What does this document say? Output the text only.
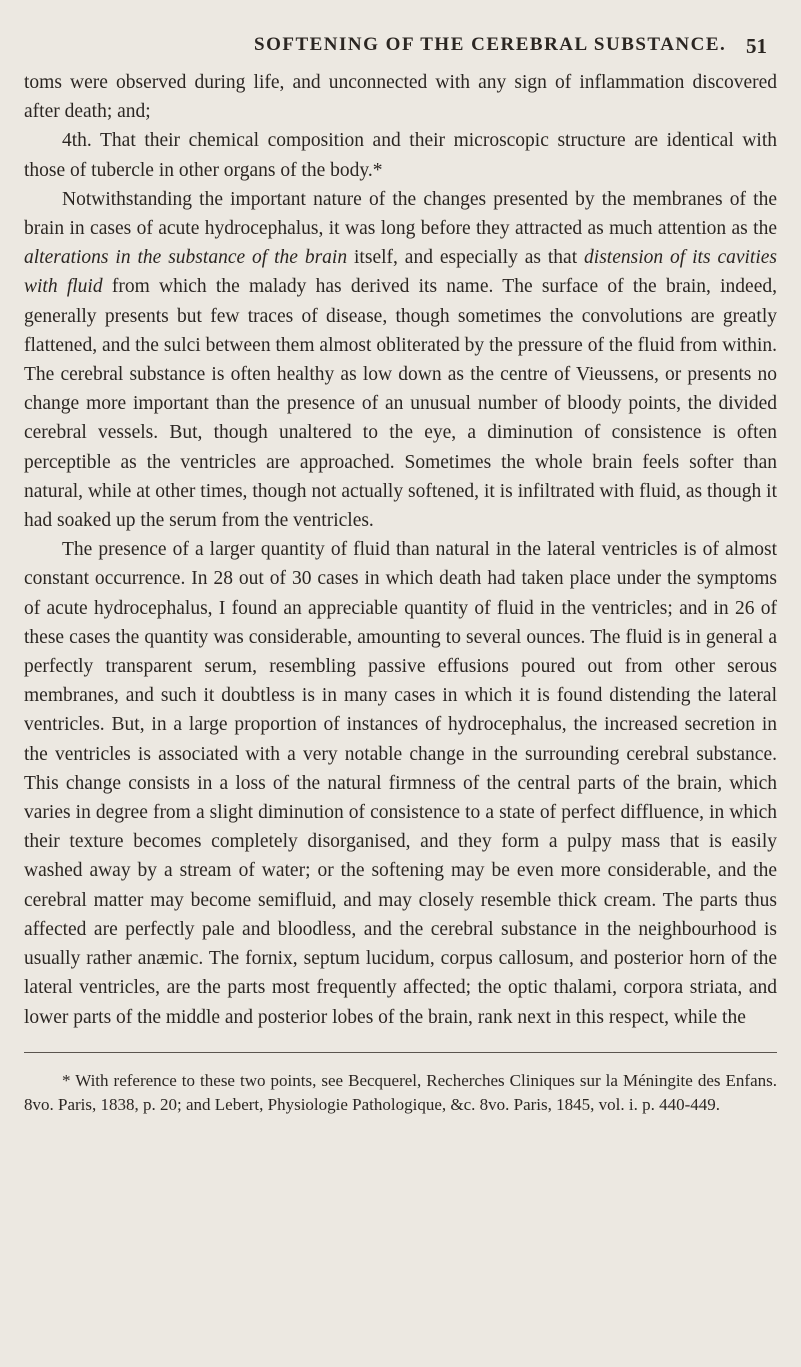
SOFTENING OF THE CEREBRAL SUBSTANCE. 51

toms were observed during life, and unconnected with any sign of inflammation discovered after death; and;

4th. That their chemical composition and their microscopic structure are identical with those of tubercle in other organs of the body.*

Notwithstanding the important nature of the changes presented by the membranes of the brain in cases of acute hydrocephalus, it was long before they attracted as much attention as the alterations in the substance of the brain itself, and especially as that distension of its cavities with fluid from which the malady has derived its name. The surface of the brain, indeed, generally presents but few traces of disease, though sometimes the convolutions are greatly flattened, and the sulci between them almost obliterated by the pressure of the fluid from within. The cerebral substance is often healthy as low down as the centre of Vieussens, or presents no change more important than the presence of an unusual number of bloody points, the divided cerebral vessels. But, though unaltered to the eye, a diminution of consistence is often perceptible as the ventricles are approached. Sometimes the whole brain feels softer than natural, while at other times, though not actually softened, it is infiltrated with fluid, as though it had soaked up the serum from the ventricles.

The presence of a larger quantity of fluid than natural in the lateral ventricles is of almost constant occurrence. In 28 out of 30 cases in which death had taken place under the symptoms of acute hydrocephalus, I found an appreciable quantity of fluid in the ventricles; and in 26 of these cases the quantity was considerable, amounting to several ounces. The fluid is in general a perfectly transparent serum, resembling passive effusions poured out from other serous membranes, and such it doubtless is in many cases in which it is found distending the lateral ventricles. But, in a large proportion of instances of hydrocephalus, the increased secretion in the ventricles is associated with a very notable change in the surrounding cerebral substance. This change consists in a loss of the natural firmness of the central parts of the brain, which varies in degree from a slight diminution of consistence to a state of perfect diffluence, in which their texture becomes completely disorganised, and they form a pulpy mass that is easily washed away by a stream of water; or the softening may be even more considerable, and the cerebral matter may become semifluid, and may closely resemble thick cream. The parts thus affected are perfectly pale and bloodless, and the cerebral substance in the neighbourhood is usually rather anæmic. The fornix, septum lucidum, corpus callosum, and posterior horn of the lateral ventricles, are the parts most frequently affected; the optic thalami, corpora striata, and lower parts of the middle and posterior lobes of the brain, rank next in this respect, while the

* With reference to these two points, see Becquerel, Recherches Cliniques sur la Méningite des Enfans. 8vo. Paris, 1838, p. 20; and Lebert, Physiologie Pathologique, &c. 8vo. Paris, 1845, vol. i. p. 440-449.
